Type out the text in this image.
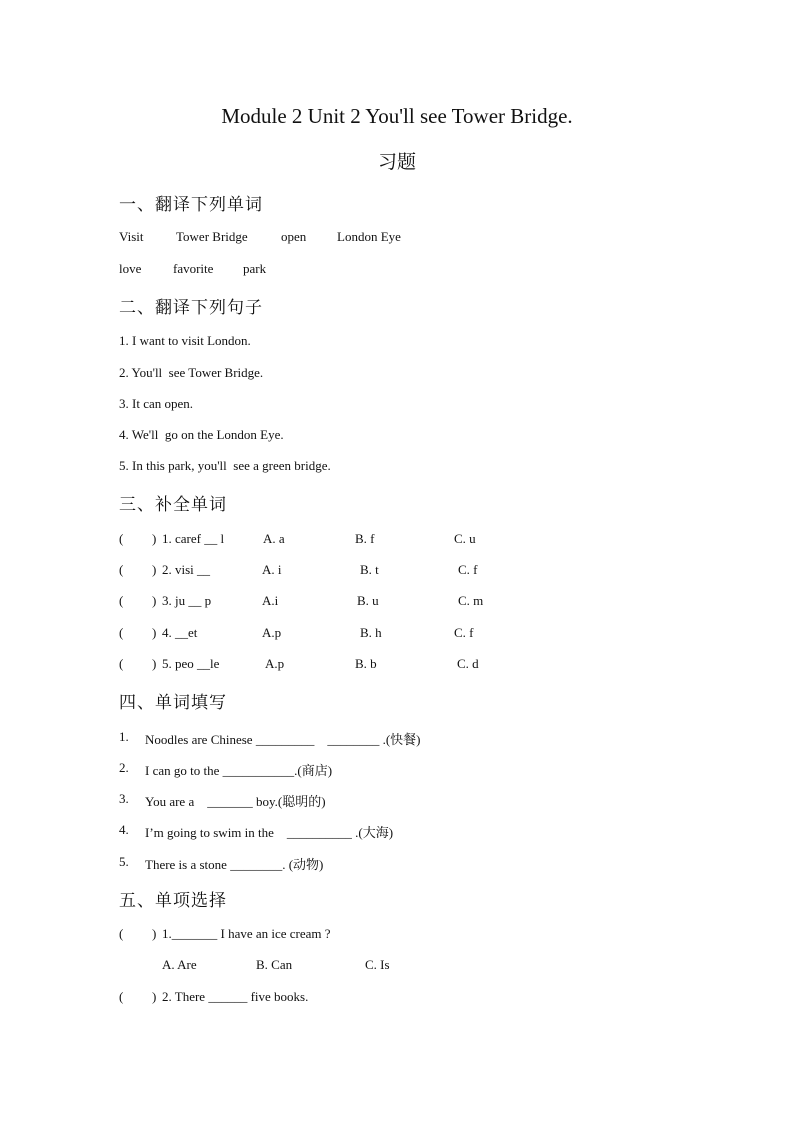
Module 2 Unit 2 You'll see Tower Bridge.
习题
一、翻译下列单词
Visit Tower Bridge	open London Eye
love favorite park
二、翻译下列句子
1. I want to visit London.
2. You'll  see Tower Bridge.
3. It can open.
4. We'll  go on the London Eye.
5. In this park, you'll  see a green bridge.
三、补全单词
( ) 1. caref __ l	A. a	B. f	C. u
( ) 2. visi __	A. i	B. t	C. f
( ) 3. ju __ p	A.i	B. u	C. m
( ) 4. __et	A.p	B. h	C. f
( ) 5. peo __le	A.p	B. b	C. d
四、单词填写
1. Noodles are Chinese _________    ________ .(快餐)
2. I can go to the ___________.(商店)
3. You are a    _______ boy.(聪明的)
4. I’m going to swim in the    __________ .(大海)
5. There is a stone ________. (动物)
五、单项选择
( ) 1._______ I have an ice cream ?
A. Are	B. Can	C. Is
( ) 2. There ______ five books.
